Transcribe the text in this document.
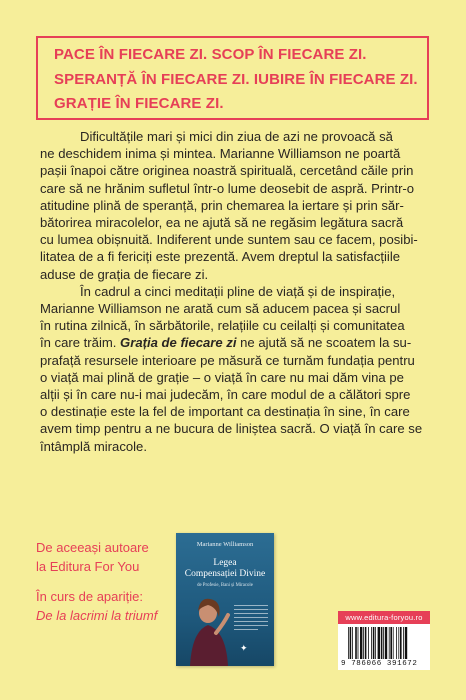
PACE ÎN FIECARE ZI. SCOP ÎN FIECARE ZI.
SPERANȚĂ ÎN FIECARE ZI. IUBIRE ÎN FIECARE ZI.
GRAȚIE ÎN FIECARE ZI.
Dificultățile mari și mici din ziua de azi ne provoacă să
ne deschidem inima și mintea. Marianne Williamson ne poartă
pașii înapoi către originea noastră spirituală, cercetând căile prin
care să ne hrănim sufletul într-o lume deosebit de aspră. Printr-o
atitudine plină de speranță, prin chemarea la iertare și prin săr-
bătorirea miracolelor, ea ne ajută să ne regăsim legătura sacră
cu lumea obișnuită. Indiferent unde suntem sau ce facem, posibi-
litatea de a fi fericiți este prezentă. Avem dreptul la satisfacțiile
aduse de grația de fiecare zi.
În cadrul a cinci meditații pline de viață și de inspirație,
Marianne Williamson ne arată cum să aducem pacea și sacrul
în rutina zilnică, în sărbătorile, relațiile cu ceilalți și comunitatea
în care trăim. Grația de fiecare zi ne ajută să ne scoatem la su-
prafață resursele interioare pe măsură ce turnăm fundația pentru
o viață mai plină de grație – o viață în care nu mai dăm vina pe
alții și în care nu-i mai judecăm, în care modul de a călători spre
o destinație este la fel de important ca destinația în sine, în care
avem timp pentru a ne bucura de liniștea sacră. O viață în care se
întâmplă miracole.
De aceeași autoare
la Editura For You
În curs de apariție:
De la lacrimi la triumf
Marianne Williamson
Legea
Compensației Divine
de Profesie, Bani și Miracole
✦
www.editura-foryou.ro
9 786066 391672
